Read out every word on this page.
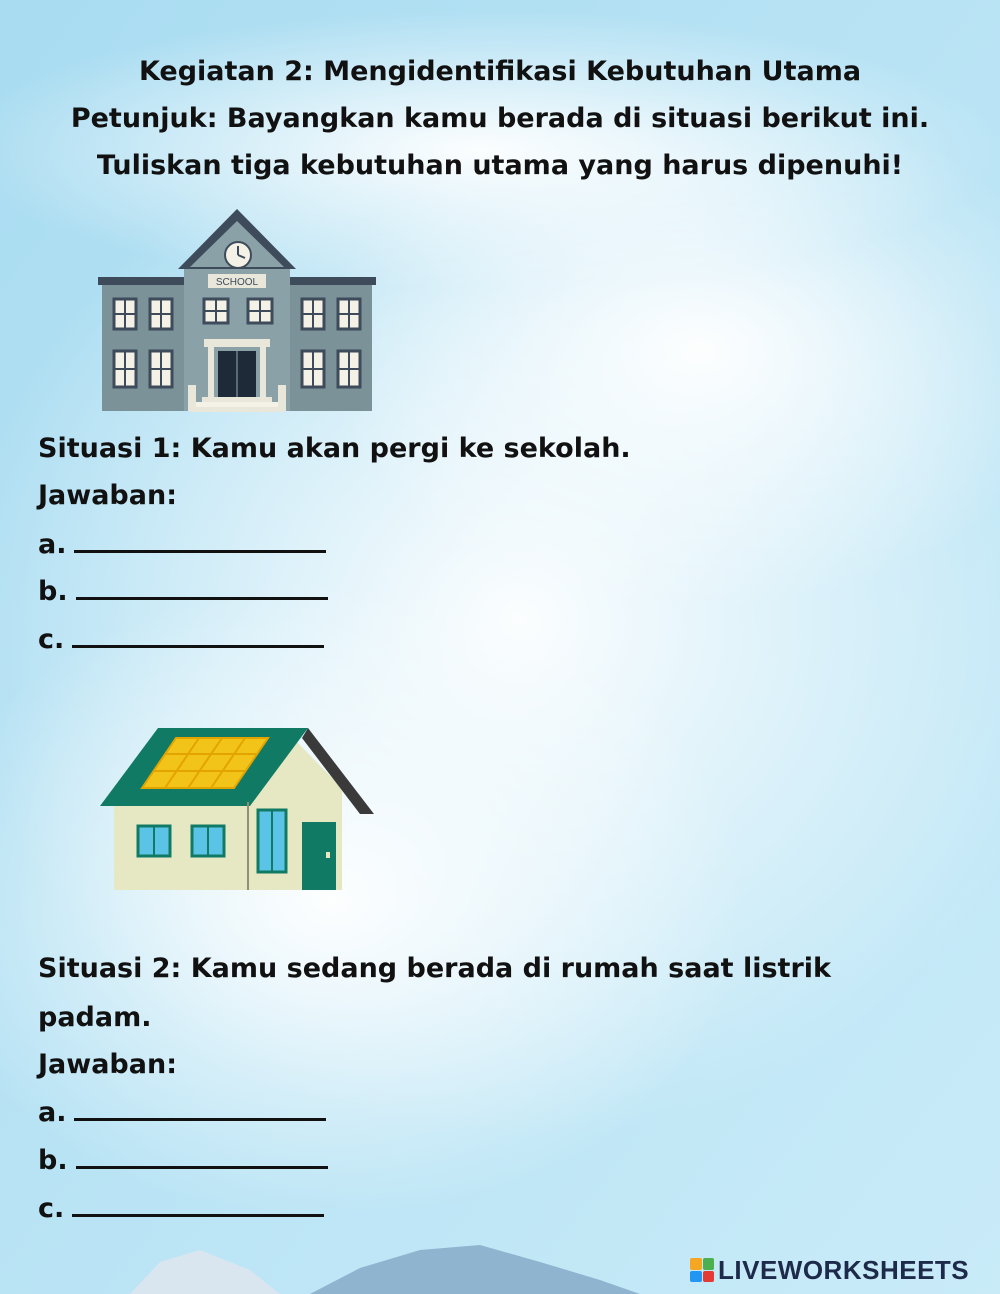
Kegiatan 2: Mengidentifikasi Kebutuhan Utama
Petunjuk: Bayangkan kamu berada di situasi berikut ini.
Tuliskan tiga kebutuhan utama yang harus dipenuhi!
SCHOOL
Situasi 1: Kamu akan pergi ke sekolah.
Jawaban:
a.
b.
c.
Situasi 2: Kamu sedang berada di rumah saat listrik
padam.
Jawaban:
a.
b.
c.
LIVEWORKSHEETS
